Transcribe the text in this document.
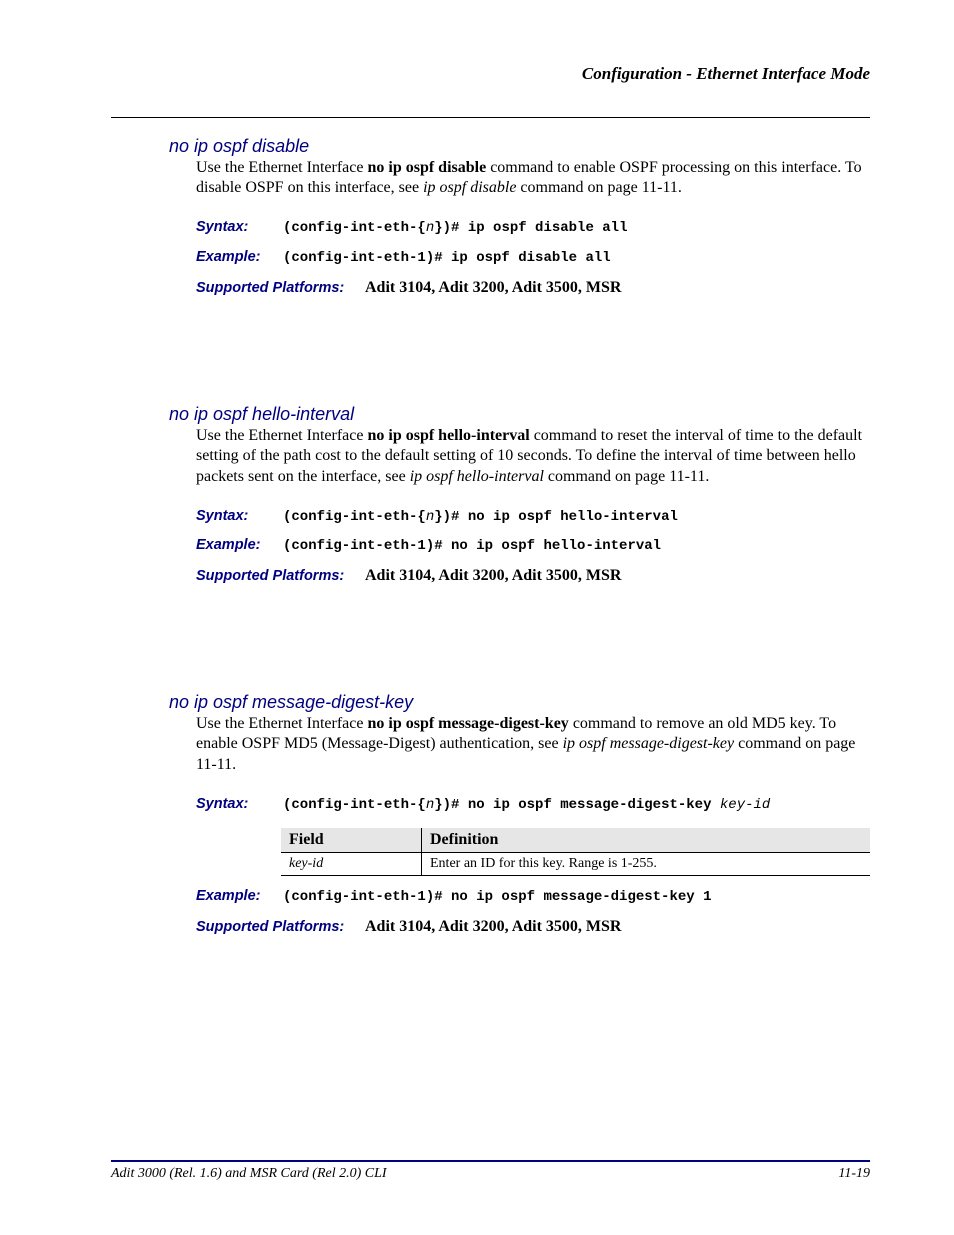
Configuration - Ethernet Interface Mode
no ip ospf disable
Use the Ethernet Interface no ip ospf disable command to enable OSPF processing on this interface. To disable OSPF on this interface, see ip ospf disable command on page 11-11.
Syntax: (config-int-eth-{n})# ip ospf disable all
Example: (config-int-eth-1)# ip ospf disable all
Supported Platforms: Adit 3104, Adit 3200, Adit 3500, MSR
no ip ospf hello-interval
Use the Ethernet Interface no ip ospf hello-interval command to reset the interval of time to the default setting of the path cost to the default setting of 10 seconds. To define the interval of time between hello packets sent on the interface, see ip ospf hello-interval command on page 11-11.
Syntax: (config-int-eth-{n})# no ip ospf hello-interval
Example: (config-int-eth-1)# no ip ospf hello-interval
Supported Platforms: Adit 3104, Adit 3200, Adit 3500, MSR
no ip ospf message-digest-key
Use the Ethernet Interface no ip ospf message-digest-key command to remove an old MD5 key. To enable OSPF MD5 (Message-Digest) authentication, see ip ospf message-digest-key command on page 11-11.
Syntax: (config-int-eth-{n})# no ip ospf message-digest-key key-id
Example: (config-int-eth-1)# no ip ospf message-digest-key 1
Supported Platforms: Adit 3104, Adit 3200, Adit 3500, MSR
Field	Definition
key-id	Enter an ID for this key. Range is 1-255.
Adit 3000 (Rel. 1.6) and MSR Card (Rel 2.0) CLI	11-19
